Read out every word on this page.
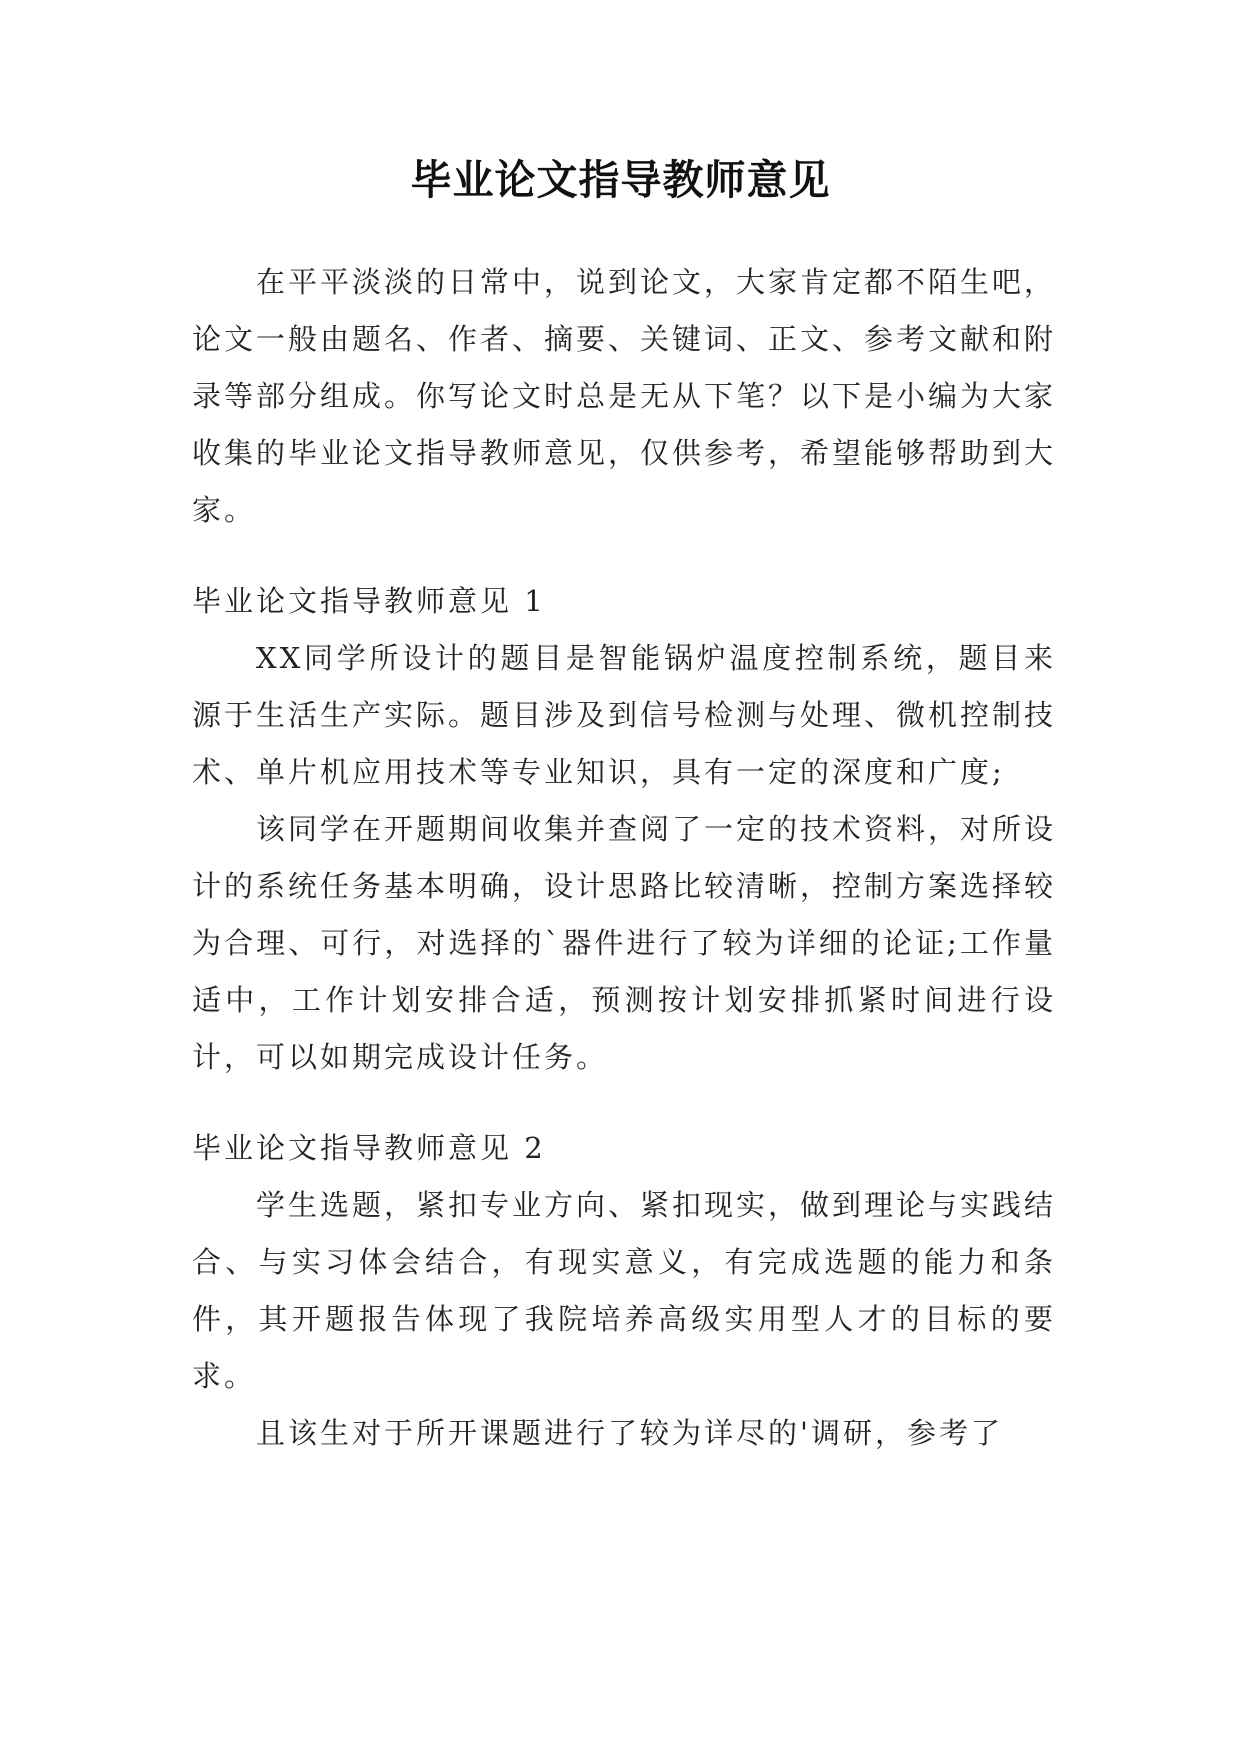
毕业论文指导教师意见

在平平淡淡的日常中，说到论文，大家肯定都不陌生吧，论文一般由题名、作者、摘要、关键词、正文、参考文献和附录等部分组成。你写论文时总是无从下笔？以下是小编为大家收集的毕业论文指导教师意见，仅供参考，希望能够帮助到大家。

毕业论文指导教师意见 1

XX同学所设计的题目是智能锅炉温度控制系统，题目来源于生活生产实际。题目涉及到信号检测与处理、微机控制技术、单片机应用技术等专业知识，具有一定的深度和广度;

该同学在开题期间收集并查阅了一定的技术资料，对所设计的系统任务基本明确，设计思路比较清晰，控制方案选择较为合理、可行，对选择的`器件进行了较为详细的论证;工作量适中，工作计划安排合适，预测按计划安排抓紧时间进行设计，可以如期完成设计任务。

毕业论文指导教师意见 2

学生选题，紧扣专业方向、紧扣现实，做到理论与实践结合、与实习体会结合，有现实意义，有完成选题的能力和条件，其开题报告体现了我院培养高级实用型人才的目标的要求。

且该生对于所开课题进行了较为详尽的'调研，参考了
